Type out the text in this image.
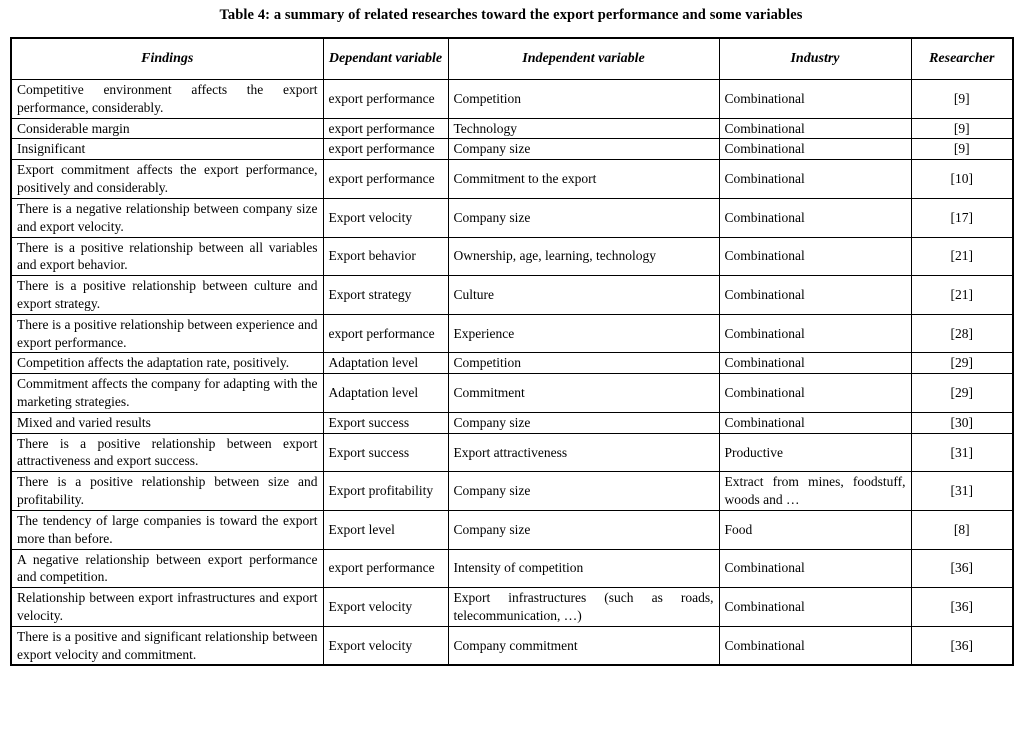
Table 4: a summary of related researches toward the export performance and some variables
Findings	Dependant variable	Independent variable	Industry	Researcher
Competitive environment affects the export performance, considerably.	export performance	Competition	Combinational	[9]
Considerable margin	export performance	Technology	Combinational	[9]
Insignificant	export performance	Company size	Combinational	[9]
Export commitment affects the export performance, positively and considerably.	export performance	Commitment to the export	Combinational	[10]
There is a negative relationship between company size and export velocity.	Export velocity	Company size	Combinational	[17]
There is a positive relationship between all variables and export behavior.	Export behavior	Ownership, age, learning, technology	Combinational	[21]
There is a positive relationship between culture and export strategy.	Export strategy	Culture	Combinational	[21]
There is a positive relationship between experience and export performance.	export performance	Experience	Combinational	[28]
Competition affects the adaptation rate, positively.	Adaptation level	Competition	Combinational	[29]
Commitment affects the company for adapting with the marketing strategies.	Adaptation level	Commitment	Combinational	[29]
Mixed and varied results	Export success	Company size	Combinational	[30]
There is a positive relationship between export attractiveness and export success.	Export success	Export attractiveness	Productive	[31]
There is a positive relationship between size and profitability.	Export profitability	Company size	Extract from mines, foodstuff, woods and …	[31]
The tendency of large companies is toward the export more than before.	Export level	Company size	Food	[8]
A negative relationship between export performance and competition.	export performance	Intensity of competition	Combinational	[36]
Relationship between export infrastructures and export velocity.	Export velocity	Export infrastructures (such as roads, telecommunication, …)	Combinational	[36]
There is a positive and significant relationship between export velocity and commitment.	Export velocity	Company commitment	Combinational	[36]
